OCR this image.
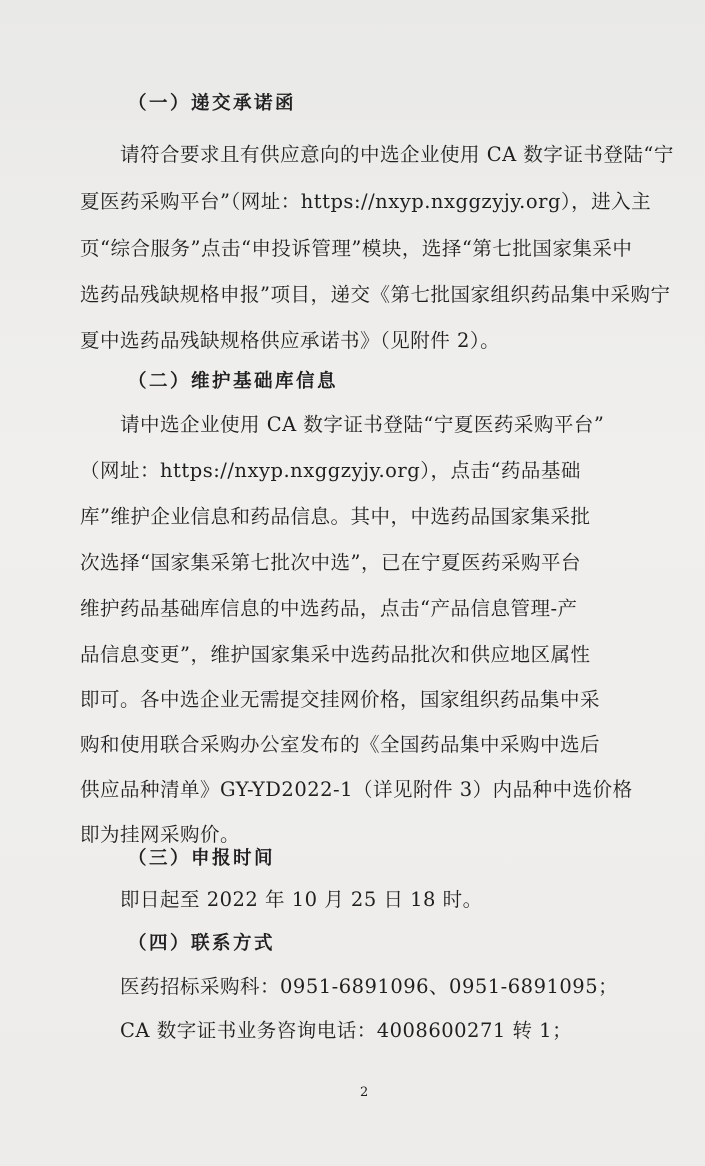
（一）递交承诺函
请符合要求且有供应意向的中选企业使用 CA 数字证书登陆“宁
夏医药采购平台”（网址：https://nxyp.nxggzyjy.org），进入主
页“综合服务”点击“申投诉管理”模块，选择“第七批国家集采中
选药品残缺规格申报”项目，递交《第七批国家组织药品集中采购宁
夏中选药品残缺规格供应承诺书》（见附件 2）。
（二）维护基础库信息
请中选企业使用 CA 数字证书登陆“宁夏医药采购平台”
（网址：https://nxyp.nxggzyjy.org），点击“药品基础
库”维护企业信息和药品信息。其中，中选药品国家集采批
次选择“国家集采第七批次中选”，已在宁夏医药采购平台
维护药品基础库信息的中选药品，点击“产品信息管理-产
品信息变更”，维护国家集采中选药品批次和供应地区属性
即可。各中选企业无需提交挂网价格，国家组织药品集中采
购和使用联合采购办公室发布的《全国药品集中采购中选后
供应品种清单》GY-YD2022-1（详见附件 3）内品种中选价格
即为挂网采购价。
（三）申报时间
即日起至 2022 年 10 月 25 日 18 时。
（四）联系方式
医药招标采购科：0951-6891096、0951-6891095；
CA 数字证书业务咨询电话：4008600271 转 1；
2
